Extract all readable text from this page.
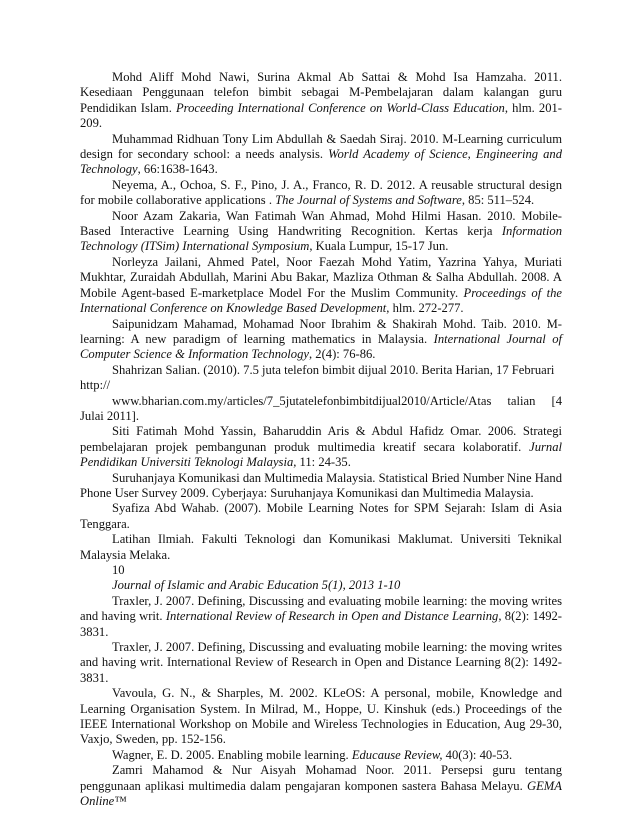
Mohd Aliff Mohd Nawi, Surina Akmal Ab Sattai & Mohd Isa Hamzaha. 2011. Kesediaan Penggunaan telefon bimbit sebagai M-Pembelajaran dalam kalangan guru Pendidikan Islam. Proceeding International Conference on World-Class Education, hlm. 201-209.

Muhammad Ridhuan Tony Lim Abdullah & Saedah Siraj. 2010. M-Learning curriculum design for secondary school: a needs analysis. World Academy of Science, Engineering and Technology, 66:1638-1643.

Neyema, A., Ochoa, S. F., Pino, J. A., Franco, R. D. 2012. A reusable structural design for mobile collaborative applications . The Journal of Systems and Software, 85: 511–524.

Noor Azam Zakaria, Wan Fatimah Wan Ahmad, Mohd Hilmi Hasan. 2010. Mobile-Based Interactive Learning Using Handwriting Recognition. Kertas kerja Information Technology (ITSim) International Symposium, Kuala Lumpur, 15-17 Jun.

Norleyza Jailani, Ahmed Patel, Noor Faezah Mohd Yatim, Yazrina Yahya, Muriati Mukhtar, Zuraidah Abdullah, Marini Abu Bakar, Mazliza Othman & Salha Abdullah. 2008. A Mobile Agent-based E-marketplace Model For the Muslim Community. Proceedings of the International Conference on Knowledge Based Development, hlm. 272-277.

Saipunidzam Mahamad, Mohamad Noor Ibrahim & Shakirah Mohd. Taib. 2010. M-learning: A new paradigm of learning mathematics in Malaysia. International Journal of Computer Science & Information Technology, 2(4): 76-86.

Shahrizan Salian. (2010). 7.5 juta telefon bimbit dijual 2010. Berita Harian, 17 Februari http://

www.bharian.com.my/articles/7_5jutatelefonbimbitdijual2010/Article/Atas talian [4 Julai 2011].

Siti Fatimah Mohd Yassin, Baharuddin Aris & Abdul Hafidz Omar. 2006. Strategi pembelajaran projek pembangunan produk multimedia kreatif secara kolaboratif. Jurnal Pendidikan Universiti Teknologi Malaysia, 11: 24-35.

Suruhanjaya Komunikasi dan Multimedia Malaysia. Statistical Bried Number Nine Hand Phone User Survey 2009. Cyberjaya: Suruhanjaya Komunikasi dan Multimedia Malaysia.

Syafiza Abd Wahab. (2007). Mobile Learning Notes for SPM Sejarah: Islam di Asia Tenggara.

Latihan Ilmiah. Fakulti Teknologi dan Komunikasi Maklumat. Universiti Teknikal Malaysia Melaka.

10

Journal of Islamic and Arabic Education 5(1), 2013 1-10

Traxler, J. 2007. Defining, Discussing and evaluating mobile learning: the moving writes and having writ. International Review of Research in Open and Distance Learning, 8(2): 1492-3831.

Traxler, J. 2007. Defining, Discussing and evaluating mobile learning: the moving writes and having writ. International Review of Research in Open and Distance Learning 8(2): 1492-3831.

Vavoula, G. N., & Sharples, M. 2002. KLeOS: A personal, mobile, Knowledge and Learning Organisation System. In Milrad, M., Hoppe, U. Kinshuk (eds.) Proceedings of the IEEE International Workshop on Mobile and Wireless Technologies in Education, Aug 29-30, Vaxjo, Sweden, pp. 152-156.

Wagner, E. D. 2005. Enabling mobile learning. Educause Review, 40(3): 40-53.

Zamri Mahamod & Nur Aisyah Mohamad Noor. 2011. Persepsi guru tentang penggunaan aplikasi multimedia dalam pengajaran komponen sastera Bahasa Melayu. GEMA Online™
